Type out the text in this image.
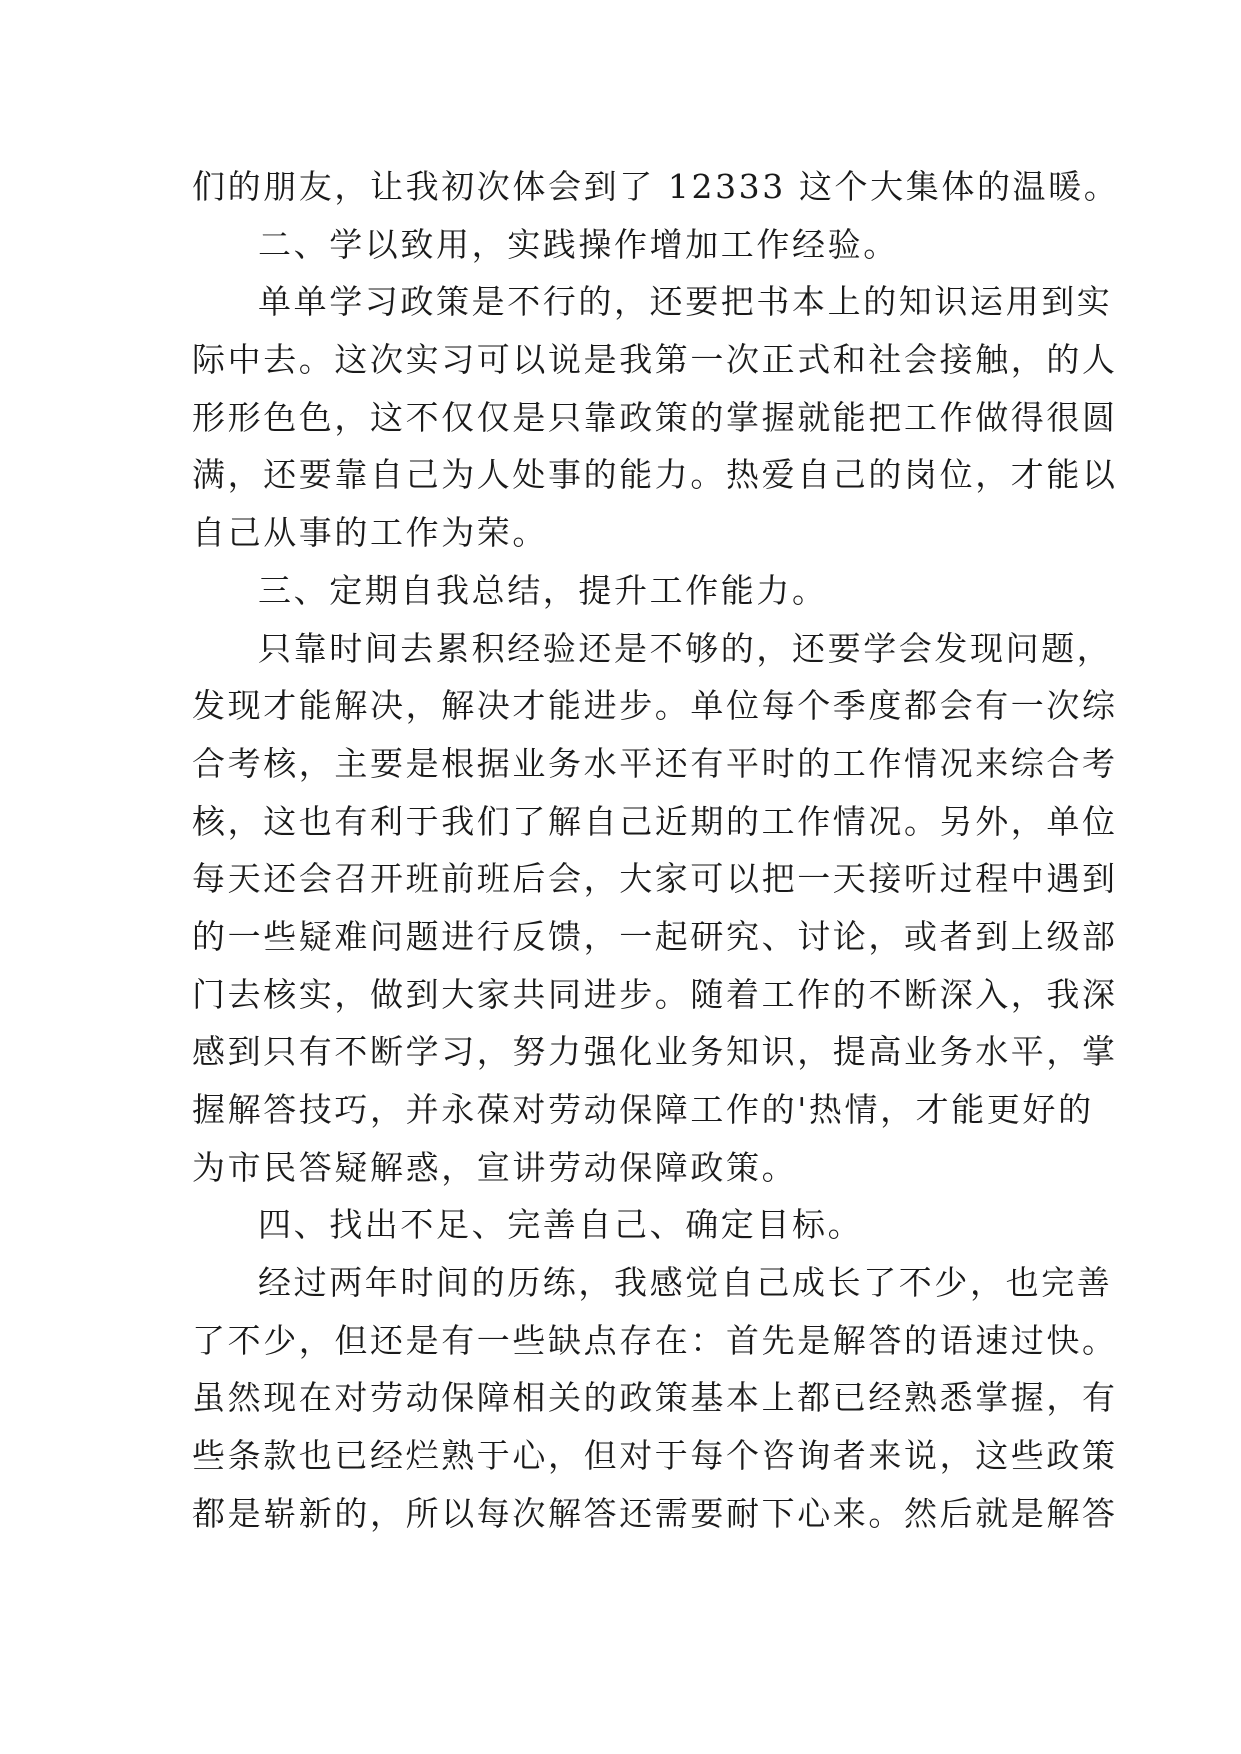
们的朋友，让我初次体会到了 12333 这个大集体的温暖。
二、学以致用，实践操作增加工作经验。
单单学习政策是不行的，还要把书本上的知识运用到实
际中去。这次实习可以说是我第一次正式和社会接触，的人
形形色色，这不仅仅是只靠政策的掌握就能把工作做得很圆
满，还要靠自己为人处事的能力。热爱自己的岗位，才能以
自己从事的工作为荣。
三、定期自我总结，提升工作能力。
只靠时间去累积经验还是不够的，还要学会发现问题，
发现才能解决，解决才能进步。单位每个季度都会有一次综
合考核，主要是根据业务水平还有平时的工作情况来综合考
核，这也有利于我们了解自己近期的工作情况。另外，单位
每天还会召开班前班后会，大家可以把一天接听过程中遇到
的一些疑难问题进行反馈，一起研究、讨论，或者到上级部
门去核实，做到大家共同进步。随着工作的不断深入，我深
感到只有不断学习，努力强化业务知识，提高业务水平，掌
握解答技巧，并永葆对劳动保障工作的'热情，才能更好的
为市民答疑解惑，宣讲劳动保障政策。
四、找出不足、完善自己、确定目标。
经过两年时间的历练，我感觉自己成长了不少，也完善
了不少，但还是有一些缺点存在：首先是解答的语速过快。
虽然现在对劳动保障相关的政策基本上都已经熟悉掌握，有
些条款也已经烂熟于心，但对于每个咨询者来说，这些政策
都是崭新的，所以每次解答还需要耐下心来。然后就是解答
